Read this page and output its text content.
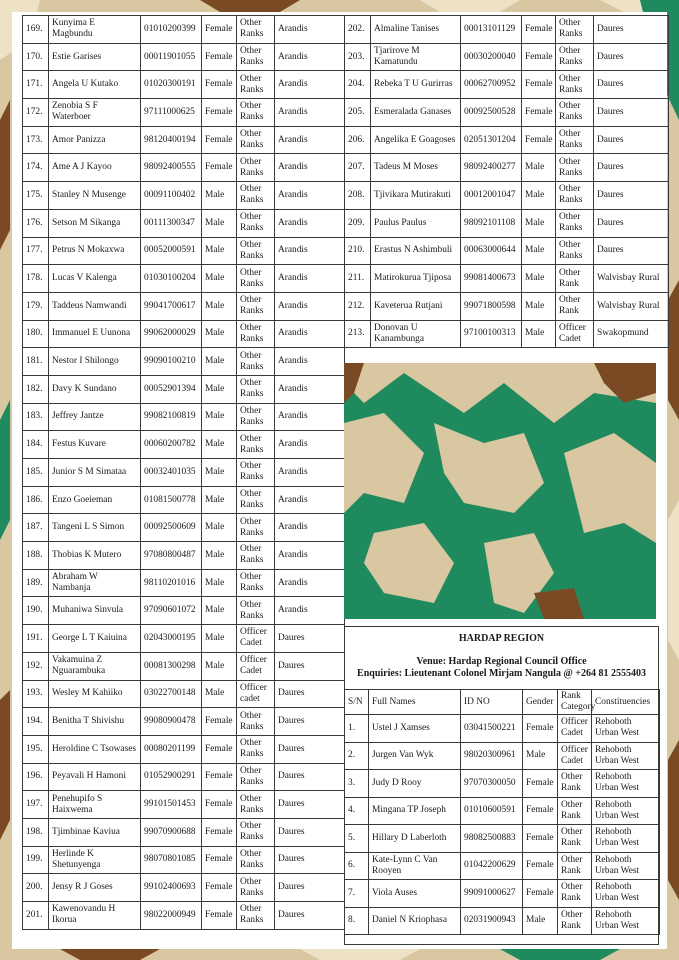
169.	Kunyima E Magbundu	01010200399	Female	Other Ranks	Arandis
170.	Estie Garises	00011901055	Female	Other Ranks	Arandis
171.	Angela U Kutako	01020300191	Female	Other Ranks	Arandis
172.	Zenobia S F Waterboer	97111000625	Female	Other Ranks	Arandis
173.	Amor Panizza	98120400194	Female	Other Ranks	Arandis
174.	Ame A J Kayoo	98092400555	Female	Other Ranks	Arandis
175.	Stanley N Musenge	00091100402	Male	Other Ranks	Arandis
176.	Setson M Sikanga	00111300347	Male	Other Ranks	Arandis
177.	Petrus N Mokaxwa	00052000591	Male	Other Ranks	Arandis
178.	Lucas V Kalenga	01030100204	Male	Other Ranks	Arandis
179.	Taddeus Namwandi	99041700617	Male	Other Ranks	Arandis
180.	Immanuel E Uunona	99062000029	Male	Other Ranks	Arandis
181.	Nestor I Shilongo	99090100210	Male	Other Ranks	Arandis
182.	Davy K Sundano	00052901394	Male	Other Ranks	Arandis
183.	Jeffrey Jantze	99082100819	Male	Other Ranks	Arandis
184.	Festus Kuvare	00060200782	Male	Other Ranks	Arandis
185.	Junior S M Simataa	00032401035	Male	Other Ranks	Arandis
186.	Enzo Goeieman	01081500778	Male	Other Ranks	Arandis
187.	Tangeni L S Simon	00092500609	Male	Other Ranks	Arandis
188.	Thobias K Mutero	97080800487	Male	Other Ranks	Arandis
189.	Abraham W Nambanja	98110201016	Male	Other Ranks	Arandis
190.	Muhaniwa Sinvula	97090601072	Male	Other Ranks	Arandis
191.	George L T Kaiuina	02043000195	Male	Officer Cadet	Daures
192.	Vakamuina Z Nguarambuka	00081300298	Male	Officer Cadet	Daures
193.	Wesley M Kahiiko	03022700148	Male	Officer cadet	Daures
194.	Benitha T Shivishu	99080900478	Female	Other Ranks	Daures
195.	Heroldine C Tsowases	00080201199	Female	Other Ranks	Daures
196.	Peyavali H Hamoni	01052900291	Female	Other Ranks	Daures
197.	Penehupifo S Haixwema	99101501453	Female	Other Ranks	Daures
198.	Tjimbinae Kaviua	99070900688	Female	Other Ranks	Daures
199.	Herlinde K Shetunyenga	98070801085	Female	Other Ranks	Daures
200.	Jensy R J Goses	99102400693	Female	Other Ranks	Daures
201.	Kawenovandu H Ikorua	98022000949	Female	Other Ranks	Daures
202.	Almaline Tanises	00013101129	Female	Other Ranks	Daures
203.	Tjarirove M Kamatundu	00030200040	Female	Other Ranks	Daures
204.	Rebeka T U Gurirras	00062700952	Female	Other Ranks	Daures
205.	Esmeralada Ganases	00092500528	Female	Other Ranks	Daures
206.	Angelika E Goagoses	02051301204	Female	Other Ranks	Daures
207.	Tadeus M Moses	98092400277	Male	Other Ranks	Daures
208.	Tjivikara Mutirakuti	00012001047	Male	Other Ranks	Daures
209.	Paulus Paulus	98092101108	Male	Other Ranks	Daures
210.	Erastus N Ashimbuli	00063000644	Male	Other Ranks	Daures
211.	Matirokurua Tjiposa	99081400673	Male	Other Rank	Walvisbay Rural
212.	Kaveterua Rutjani	99071800598	Male	Other Rank	Walvisbay Rural
213.	Donovan U Kanambunga	97100100313	Male	Officer Cadet	Swakopmund
HARDAP REGION
Venue: Hardap Regional Council Office
Enquiries: Lieutenant Colonel Mirjam Nangula @ +264 81 2555403
S/N	Full Names	ID NO	Gender	Rank Category	Constituencies
1.	Ustel J Xamses	03041500221	Female	Officer Cadet	Rehoboth Urban West
2.	Jurgen Van Wyk	98020300961	Male	Officer Cadet	Rehoboth Urban West
3.	Judy D Rooy	97070300050	Female	Other Rank	Rehoboth Urban West
4.	Mingana TP Joseph	01010600591	Female	Other Rank	Rehoboth Urban West
5.	Hillary D Laberloth	98082500883	Female	Other Rank	Rehoboth Urban West
6.	Kate-Lynn C Van Rooyen	01042200629	Female	Other Rank	Rehoboth Urban West
7.	Viola Auses	99091000627	Female	Other Rank	Rehoboth Urban West
8.	Daniel N Kriophasa	02031900943	Male	Other Rank	Rehoboth Urban West
